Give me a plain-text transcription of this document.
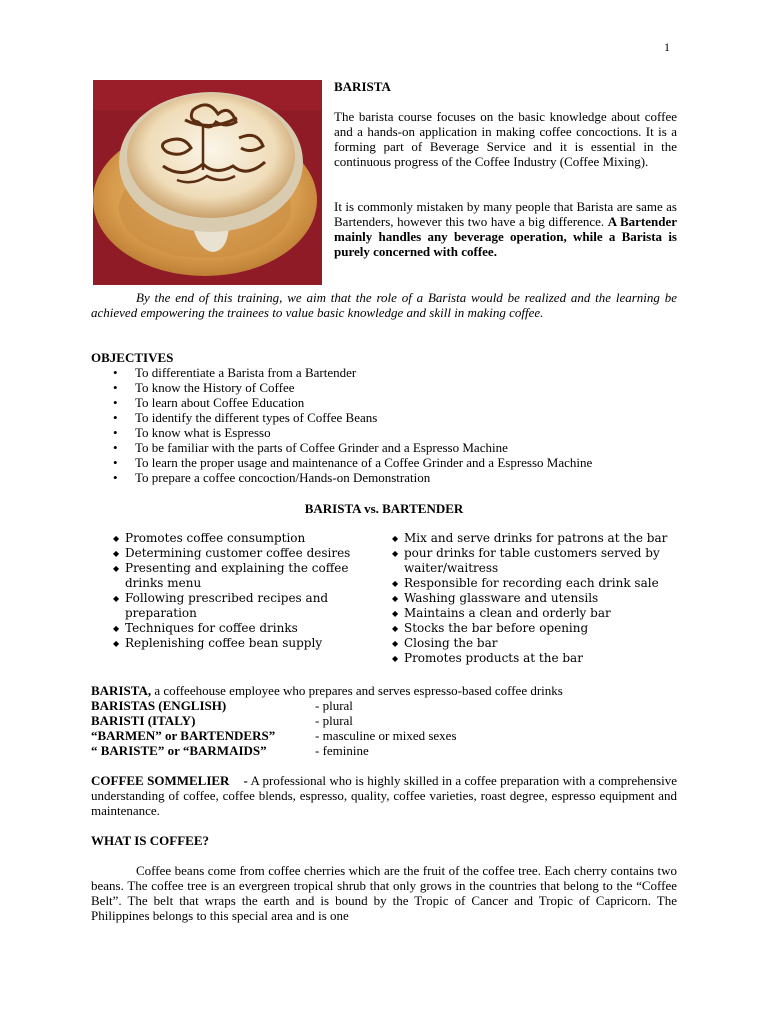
1
BARISTA

The barista course focuses on the basic knowledge about coffee and a hands-on application in making coffee concoctions. It is a forming part of Beverage Service and it is essential in the continuous progress of the Coffee Industry (Coffee Mixing).

It is commonly mistaken by many people that Barista are same as Bartenders, however this two have a big difference. A Bartender mainly handles any beverage operation, while a Barista is purely concerned with coffee.

By the end of this training, we aim that the role of a Barista would be realized and the learning be achieved empowering the trainees to value basic knowledge and skill in making coffee.
OBJECTIVES
• To differentiate a Barista from a Bartender
• To know the History of Coffee
• To learn about Coffee Education
• To identify the different types of Coffee Beans
• To know what is Espresso
• To be familiar with the parts of Coffee Grinder and a Espresso Machine
• To learn the proper usage and maintenance of a Coffee Grinder and a Espresso Machine
• To prepare a coffee concoction/Hands-on Demonstration
BARISTA vs. BARTENDER
◆ Promotes coffee consumption
◆ Determining customer coffee desires
◆ Presenting and explaining the coffee drinks menu
◆ Following prescribed recipes and preparation
◆ Techniques for coffee drinks
◆ Replenishing coffee bean supply
◆ Mix and serve drinks for patrons at the bar
◆ pour drinks for table customers served by waiter/waitress
◆ Responsible for recording each drink sale
◆ Washing glassware and utensils
◆ Maintains a clean and orderly bar
◆ Stocks the bar before opening
◆ Closing the bar
◆ Promotes products at the bar
BARISTA, a coffeehouse employee who prepares and serves espresso-based coffee drinks
BARISTAS (ENGLISH)	- plural
BARISTI (ITALY)	- plural
“BARMEN” or BARTENDERS”	- masculine or mixed sexes
“ BARISTE” or “BARMAIDS”	- feminine
COFFEE SOMMELIER - A professional who is highly skilled in a coffee preparation with a comprehensive understanding of coffee, coffee blends, espresso, quality, coffee varieties, roast degree, espresso equipment and maintenance.
WHAT IS COFFEE?
Coffee beans come from coffee cherries which are the fruit of the coffee tree. Each cherry contains two beans. The coffee tree is an evergreen tropical shrub that only grows in the countries that belong to the “Coffee Belt”. The belt that wraps the earth and is bound by the Tropic of Cancer and Tropic of Capricorn. The Philippines belongs to this special area and is one
